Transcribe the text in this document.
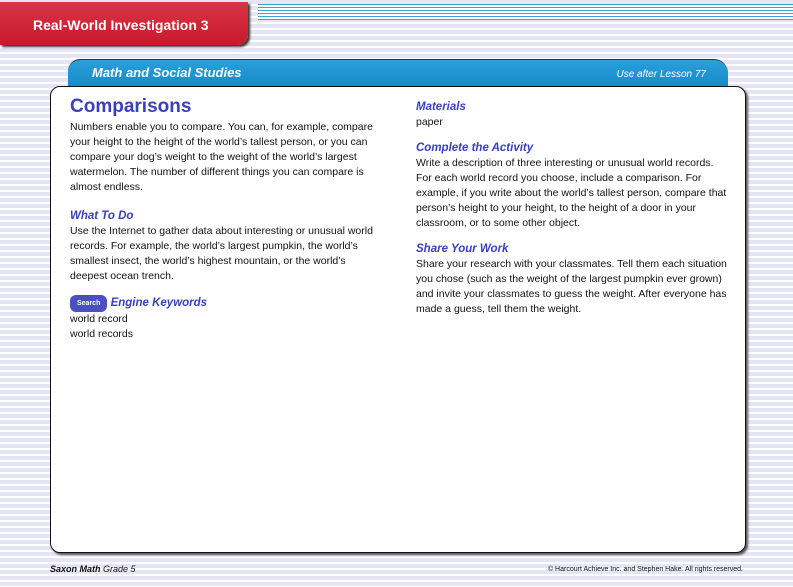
Real-World Investigation 3
Math and Social Studies	Use after Lesson 77
Comparisons

Numbers enable you to compare. You can, for example, compare your height to the height of the world’s tallest person, or you can compare your dog’s weight to the weight of the world’s largest watermelon. The number of different things you can compare is almost endless.

What To Do

Use the Internet to gather data about interesting or unusual world records. For example, the world’s largest pumpkin, the world’s smallest insect, the world’s highest mountain, or the world’s deepest ocean trench.

Search Engine Keywords

world record

world records

Materials

paper

Complete the Activity

Write a description of three interesting or unusual world records. For each world record you choose, include a comparison. For example, if you write about the world’s tallest person, compare that person’s height to your height, to the height of a door in your classroom, or to some other object.

Share Your Work

Share your research with your classmates. Tell them each situation you chose (such as the weight of the largest pumpkin ever grown) and invite your classmates to guess the weight. After everyone has made a guess, tell them the weight.

Saxon Math Grade 5	© Harcourt Achieve Inc. and Stephen Hake. All rights reserved.
